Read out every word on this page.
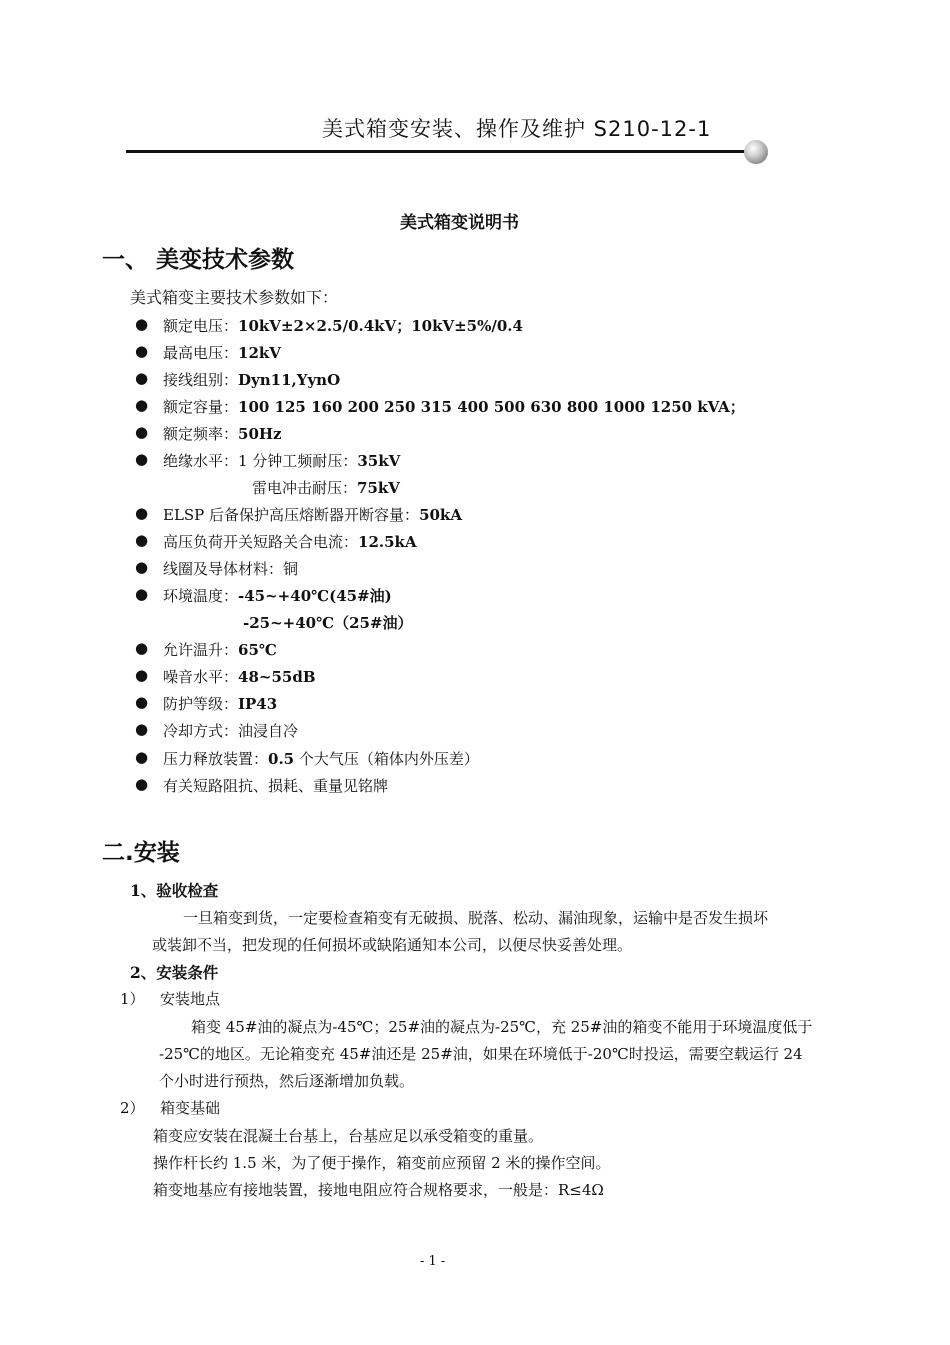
美式箱变安装、操作及维护 S210-12-1
美式箱变说明书
一、 美变技术参数
美式箱变主要技术参数如下：
● 额定电压：10kV±2×2.5/0.4kV；10kV±5%/0.4
● 最高电压：12kV
● 接线组别：Dyn11,YynO
● 额定容量：100 125 160 200 250 315 400 500 630 800 1000 1250 kVA；
● 额定频率：50Hz
● 绝缘水平：1 分钟工频耐压：35kV
雷电冲击耐压：75kV
● ELSP 后备保护高压熔断器开断容量：50kA
● 高压负荷开关短路关合电流：12.5kA
● 线圈及导体材料：铜
● 环境温度：-45~+40℃(45#油)
-25~+40℃（25#油）
● 允许温升：65℃
● 噪音水平：48~55dB
● 防护等级：IP43
● 冷却方式：油浸自冷
● 压力释放装置：0.5 个大气压（箱体内外压差）
● 有关短路阻抗、损耗、重量见铭牌
二.安装
1、验收检查
一旦箱变到货，一定要检查箱变有无破损、脱落、松动、漏油现象，运输中是否发生损坏
或装卸不当，把发现的任何损坏或缺陷通知本公司，以便尽快妥善处理。
2、安装条件
1） 安装地点
箱变 45#油的凝点为-45℃；25#油的凝点为-25℃，充 25#油的箱变不能用于环境温度低于
-25℃的地区。无论箱变充 45#油还是 25#油，如果在环境低于-20℃时投运，需要空载运行 24
个小时进行预热，然后逐渐增加负载。
2） 箱变基础
箱变应安装在混凝土台基上，台基应足以承受箱变的重量。
操作杆长约 1.5 米，为了便于操作，箱变前应预留 2 米的操作空间。
箱变地基应有接地装置，接地电阻应符合规格要求，一般是：R≤4Ω
- 1 -
